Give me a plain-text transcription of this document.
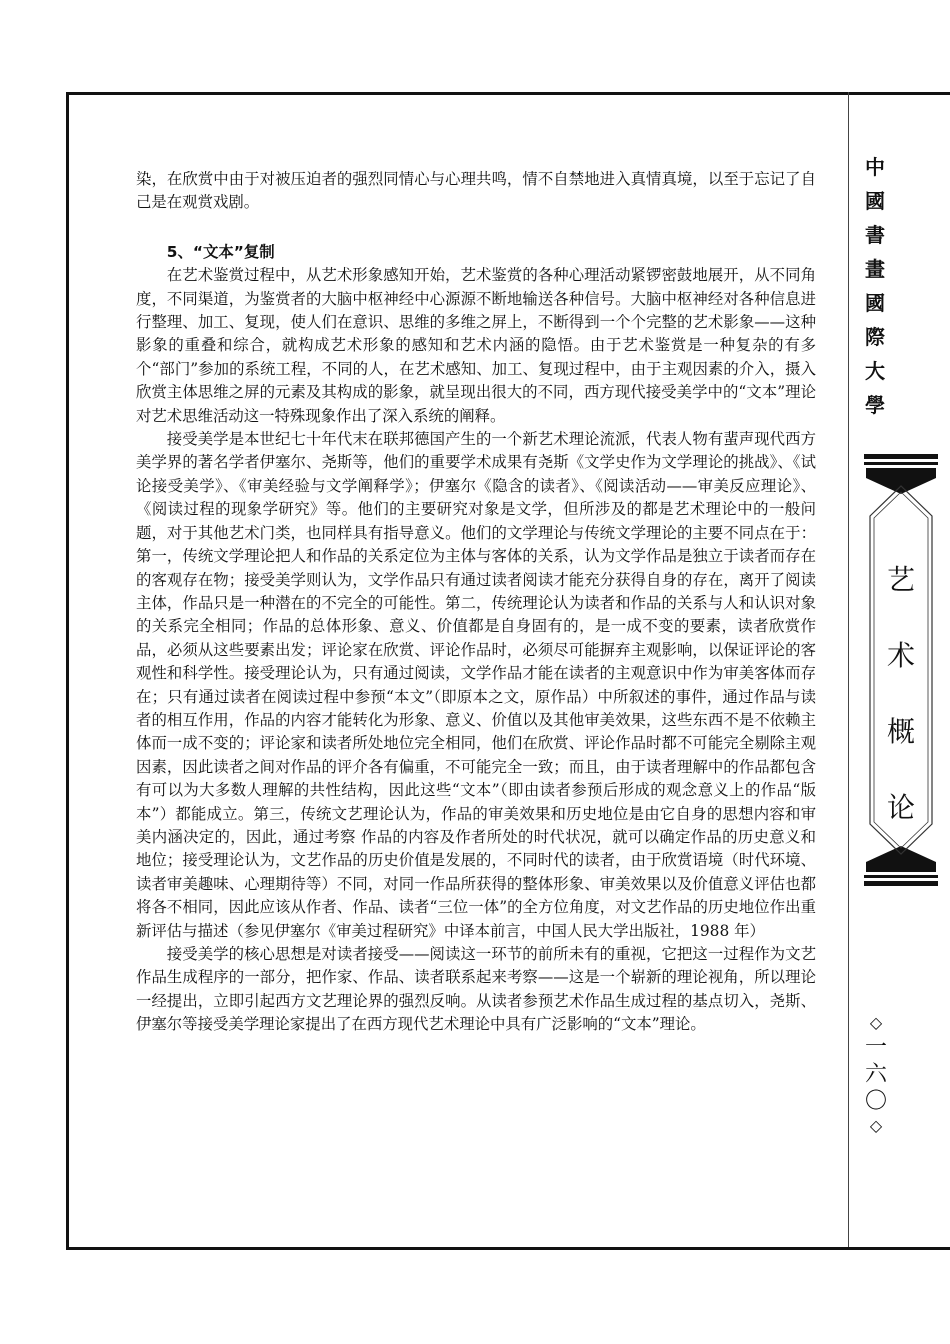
染，在欣赏中由于对被压迫者的强烈同情心与心理共鸣，情不自禁地进入真情真境，以至于忘记了自己是在观赏戏剧。

5、“文本”复制

在艺术鉴赏过程中，从艺术形象感知开始，艺术鉴赏的各种心理活动紧锣密鼓地展开，从不同角度，不同渠道，为鉴赏者的大脑中枢神经中心源源不断地输送各种信号。大脑中枢神经对各种信息进行整理、加工、复现，使人们在意识、思维的多维之屏上，不断得到一个个完整的艺术影象——这种影象的重叠和综合，就构成艺术形象的感知和艺术内涵的隐悟。由于艺术鉴赏是一种复杂的有多个“部门”参加的系统工程，不同的人，在艺术感知、加工、复现过程中，由于主观因素的介入，摄入欣赏主体思维之屏的元素及其构成的影象，就呈现出很大的不同，西方现代接受美学中的“文本”理论对艺术思维活动这一特殊现象作出了深入系统的阐释。

接受美学是本世纪七十年代末在联邦德国产生的一个新艺术理论流派，代表人物有蜚声现代西方美学界的著名学者伊塞尔、尧斯等，他们的重要学术成果有尧斯《文学史作为文学理论的挑战》、《试论接受美学》、《审美经验与文学阐释学》；伊塞尔《隐含的读者》、《阅读活动——审美反应理论》、《阅读过程的现象学研究》等。他们的主要研究对象是文学，但所涉及的都是艺术理论中的一般问题，对于其他艺术门类，也同样具有指导意义。他们的文学理论与传统文学理论的主要不同点在于：第一，传统文学理论把人和作品的关系定位为主体与客体的关系，认为文学作品是独立于读者而存在的客观存在物；接受美学则认为，文学作品只有通过读者阅读才能充分获得自身的存在，离开了阅读主体，作品只是一种潜在的不完全的可能性。第二，传统理论认为读者和作品的关系与人和认识对象的关系完全相同；作品的总体形象、意义、价值都是自身固有的，是一成不变的要素，读者欣赏作品，必须从这些要素出发；评论家在欣赏、评论作品时，必须尽可能摒弃主观影响，以保证评论的客观性和科学性。接受理论认为，只有通过阅读，文学作品才能在读者的主观意识中作为审美客体而存在；只有通过读者在阅读过程中参预“本文”（即原本之文，原作品）中所叙述的事件，通过作品与读者的相互作用，作品的内容才能转化为形象、意义、价值以及其他审美效果，这些东西不是不依赖主体而一成不变的；评论家和读者所处地位完全相同，他们在欣赏、评论作品时都不可能完全剔除主观因素，因此读者之间对作品的评介各有偏重，不可能完全一致；而且，由于读者理解中的作品都包含有可以为大多数人理解的共性结构，因此这些“文本”（即由读者参预后形成的观念意义上的作品“版本”）都能成立。第三，传统文艺理论认为，作品的审美效果和历史地位是由它自身的思想内容和审美内涵决定的，因此，通过考察 作品的内容及作者所处的时代状况，就可以确定作品的历史意义和地位；接受理论认为，文艺作品的历史价值是发展的，不同时代的读者，由于欣赏语境（时代环境、读者审美趣味、心理期待等）不同，对同一作品所获得的整体形象、审美效果以及价值意义评估也都将各不相同，因此应该从作者、作品、读者“三位一体”的全方位角度，对文艺作品的历史地位作出重新评估与描述（参见伊塞尔《审美过程研究》中译本前言，中国人民大学出版社，1988 年）

接受美学的核心思想是对读者接受——阅读这一环节的前所未有的重视，它把这一过程作为文艺作品生成程序的一部分，把作家、作品、读者联系起来考察——这是一个崭新的理论视角，所以理论一经提出，立即引起西方文艺理论界的强烈反响。从读者参预艺术作品生成过程的基点切入，尧斯、伊塞尔等接受美学理论家提出了在西方现代艺术理论中具有广泛影响的“文本”理论。

中
國
書
畫
國
際
大
學
艺
术
概
论
◇
一
六
〇
◇
